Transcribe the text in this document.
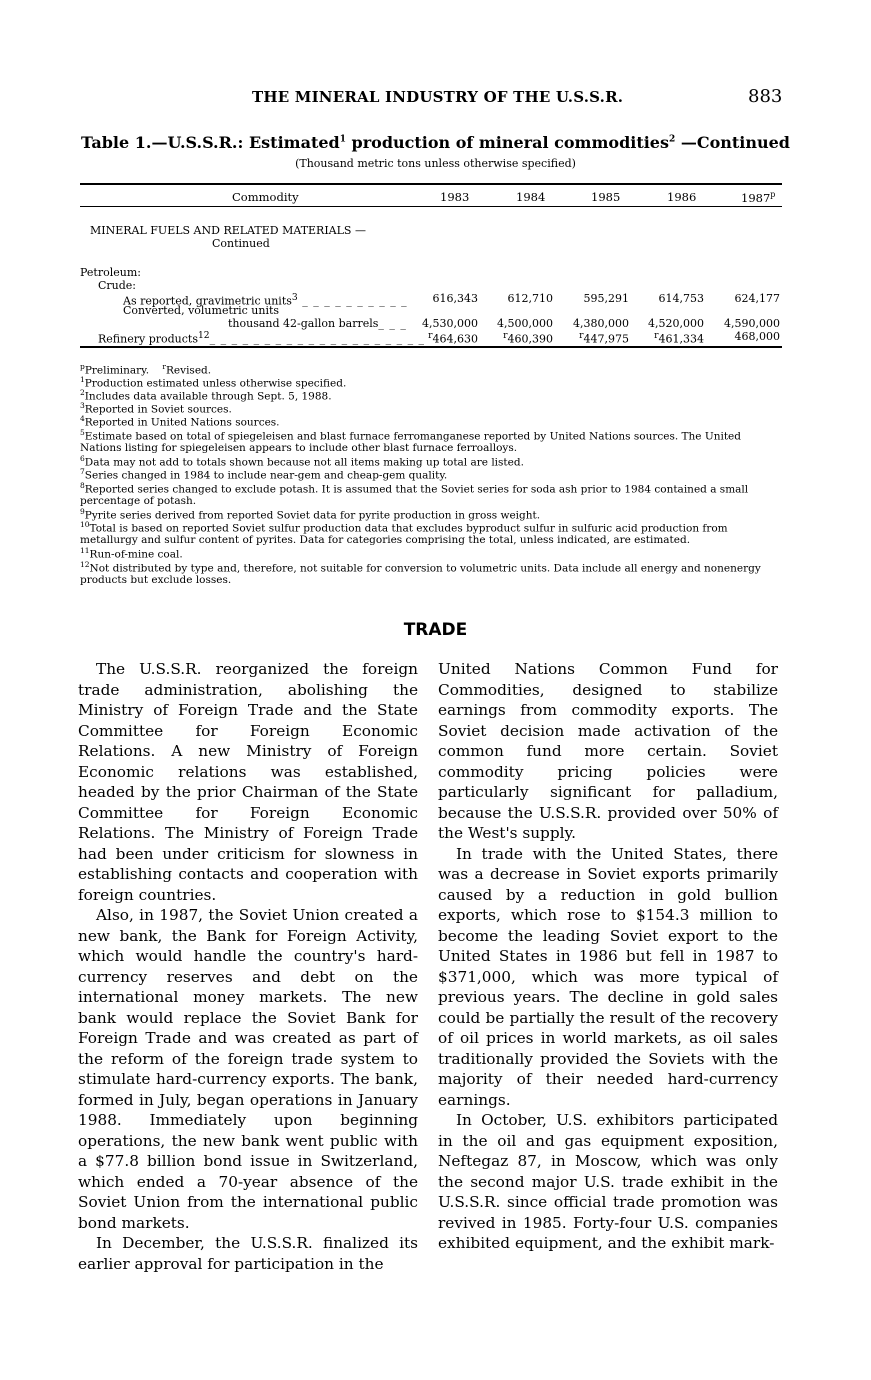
THE MINERAL INDUSTRY OF THE U.S.S.R.	883
Table 1.—U.S.S.R.: Estimated$^1$ production of mineral commodities$^2$ —Continued
(Thousand metric tons unless otherwise specified)
Commodity	1983	1984	1985	1986	1987$^p$
MINERAL FUELS AND RELATED MATERIALS —
Continued
Petroleum:
Crude:
As reported, gravimetric units$^3$ _ _ _ _ _ _ _ _ _ _	616,343	612,710	595,291	614,753	624,177
Converted, volumetric units
thousand 42-gallon barrels_ _ _	4,530,000	4,500,000	4,380,000	4,520,000	4,590,000
Refinery products$^{12}$_ _ _ _ _ _ _ _ _ _ _ _ _ _ _ _ _ _ _ _ $^r$464,630	$^r$460,390	$^r$447,975	$^r$461,334	468,000
$^p$Preliminary. $^r$Revised.
$^1$Production estimated unless otherwise specified.
$^2$Includes data available through Sept. 5, 1988.
$^3$Reported in Soviet sources.
$^4$Reported in United Nations sources.
$^5$Estimate based on total of spiegeleisen and blast furnace ferromanganese reported by United Nations sources. The United Nations listing for spiegeleisen appears to include other blast furnace ferroalloys.
$^6$Data may not add to totals shown because not all items making up total are listed.
$^7$Series changed in 1984 to include near-gem and cheap-gem quality.
$^8$Reported series changed to exclude potash. It is assumed that the Soviet series for soda ash prior to 1984 contained a small percentage of potash.
$^9$Pyrite series derived from reported Soviet data for pyrite production in gross weight.
$^{10}$Total is based on reported Soviet sulfur production data that excludes byproduct sulfur in sulfuric acid production from metallurgy and sulfur content of pyrites. Data for categories comprising the total, unless indicated, are estimated.
$^{11}$Run-of-mine coal.
$^{12}$Not distributed by type and, therefore, not suitable for conversion to volumetric units. Data include all energy and nonenergy products but exclude losses.
TRADE

The U.S.S.R. reorganized the foreign trade administration, abolishing the Ministry of Foreign Trade and the State Committee for Foreign Economic Relations. A new Ministry of Foreign Economic relations was established, headed by the prior Chairman of the State Committee for Foreign Economic Relations. The Ministry of Foreign Trade had been under criticism for slowness in establishing contacts and cooperation with foreign countries.

Also, in 1987, the Soviet Union created a new bank, the Bank for Foreign Activity, which would handle the country's hard-currency reserves and debt on the international money markets. The new bank would replace the Soviet Bank for Foreign Trade and was created as part of the reform of the foreign trade system to stimulate hard-currency exports. The bank, formed in July, began operations in January 1988. Immediately upon beginning operations, the new bank went public with a $77.8 billion bond issue in Switzerland, which ended a 70-year absence of the Soviet Union from the international public bond markets.

In December, the U.S.S.R. finalized its earlier approval for participation in the

United Nations Common Fund for Commodities, designed to stabilize earnings from commodity exports. The Soviet decision made activation of the common fund more certain. Soviet commodity pricing policies were particularly significant for palladium, because the U.S.S.R. provided over 50% of the West's supply.

In trade with the United States, there was a decrease in Soviet exports primarily caused by a reduction in gold bullion exports, which rose to $154.3 million to become the leading Soviet export to the United States in 1986 but fell in 1987 to $371,000, which was more typical of previous years. The decline in gold sales could be partially the result of the recovery of oil prices in world markets, as oil sales traditionally provided the Soviets with the majority of their needed hard-currency earnings.

In October, U.S. exhibitors participated in the oil and gas equipment exposition, Neftegaz 87, in Moscow, which was only the second major U.S. trade exhibit in the U.S.S.R. since official trade promotion was revived in 1985. Forty-four U.S. companies exhibited equipment, and the exhibit mark-
